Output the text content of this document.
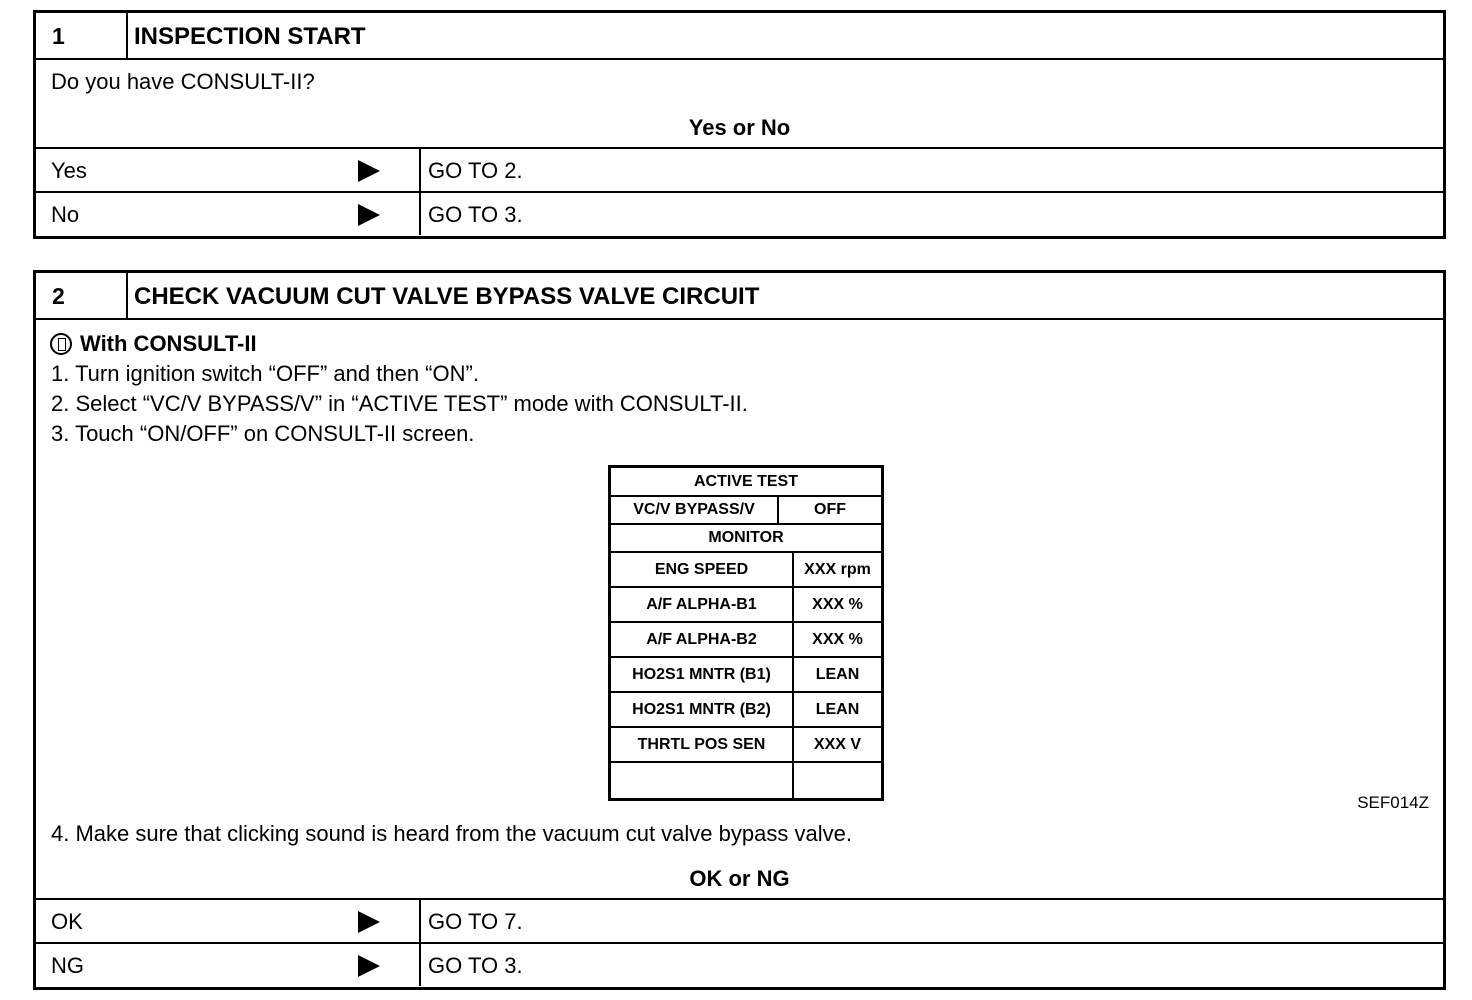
1	INSPECTION START
Do you have CONSULT-II?
Yes or No
Yes	GO TO 2.
No	GO TO 3.
2	CHECK VACUUM CUT VALVE BYPASS VALVE CIRCUIT
With CONSULT-II
1. Turn ignition switch “OFF” and then “ON”.
2. Select “VC/V BYPASS/V” in “ACTIVE TEST” mode with CONSULT-II.
3. Touch “ON/OFF” on CONSULT-II screen.
ACTIVE TEST
VC/V BYPASS/V	OFF
MONITOR
ENG SPEED	XXX rpm
A/F ALPHA-B1	XXX %
A/F ALPHA-B2	XXX %
HO2S1 MNTR (B1)	LEAN
HO2S1 MNTR (B2)	LEAN
THRTL POS SEN	XXX V
SEF014Z
4. Make sure that clicking sound is heard from the vacuum cut valve bypass valve.
OK or NG
OK	GO TO 7.
NG	GO TO 3.
